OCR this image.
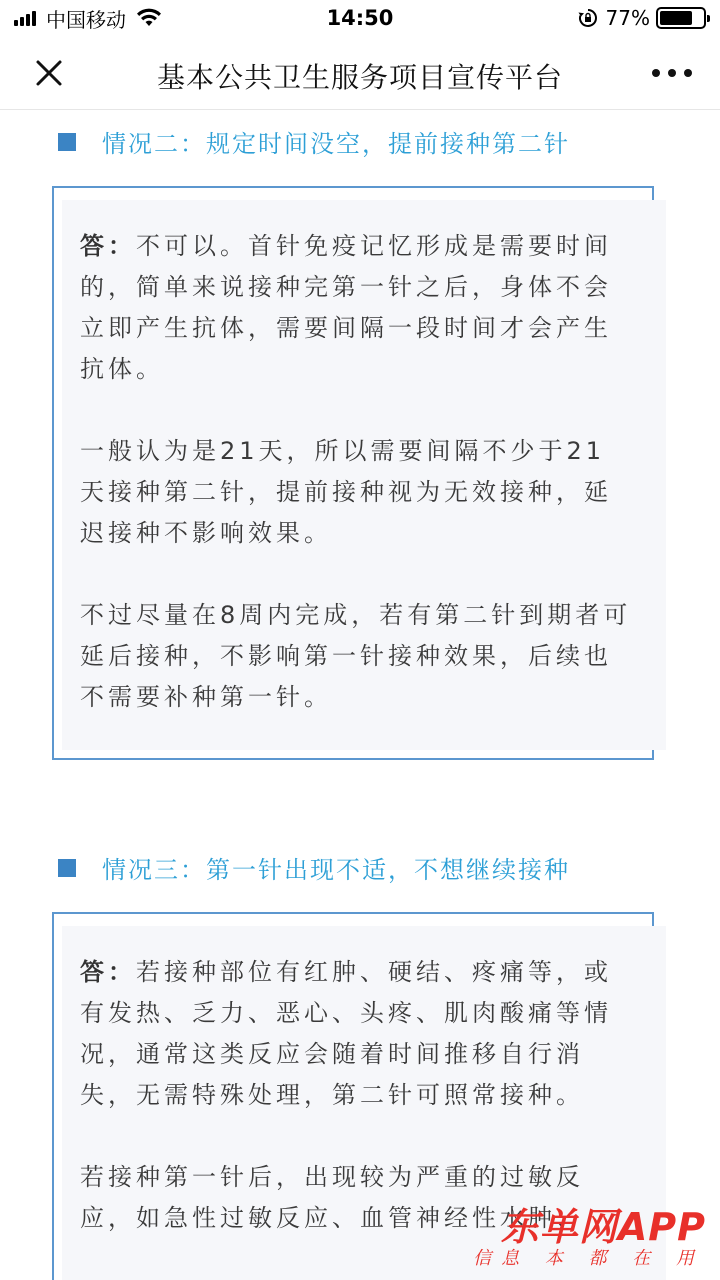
中国移动	14:50	77%
基本公共卫生服务项目宣传平台
情况二：规定时间没空，提前接种第二针

答：不可以。首针免疫记忆形成是需要时间的，简单来说接种完第一针之后，身体不会立即产生抗体，需要间隔一段时间才会产生抗体。

一般认为是21天，所以需要间隔不少于21天接种第二针，提前接种视为无效接种，延迟接种不影响效果。

不过尽量在8周内完成，若有第二针到期者可延后接种，不影响第一针接种效果，后续也不需要补种第一针。

情况三：第一针出现不适，不想继续接种

答：若接种部位有红肿、硬结、疼痛等，或有发热、乏力、恶心、头疼、肌肉酸痛等情况，通常这类反应会随着时间推移自行消失，无需特殊处理，第二针可照常接种。

若接种第一针后，出现较为严重的过敏反应，如急性过敏反应、血管神经性水肿、

东单网APP
信息 本 都 在 用
